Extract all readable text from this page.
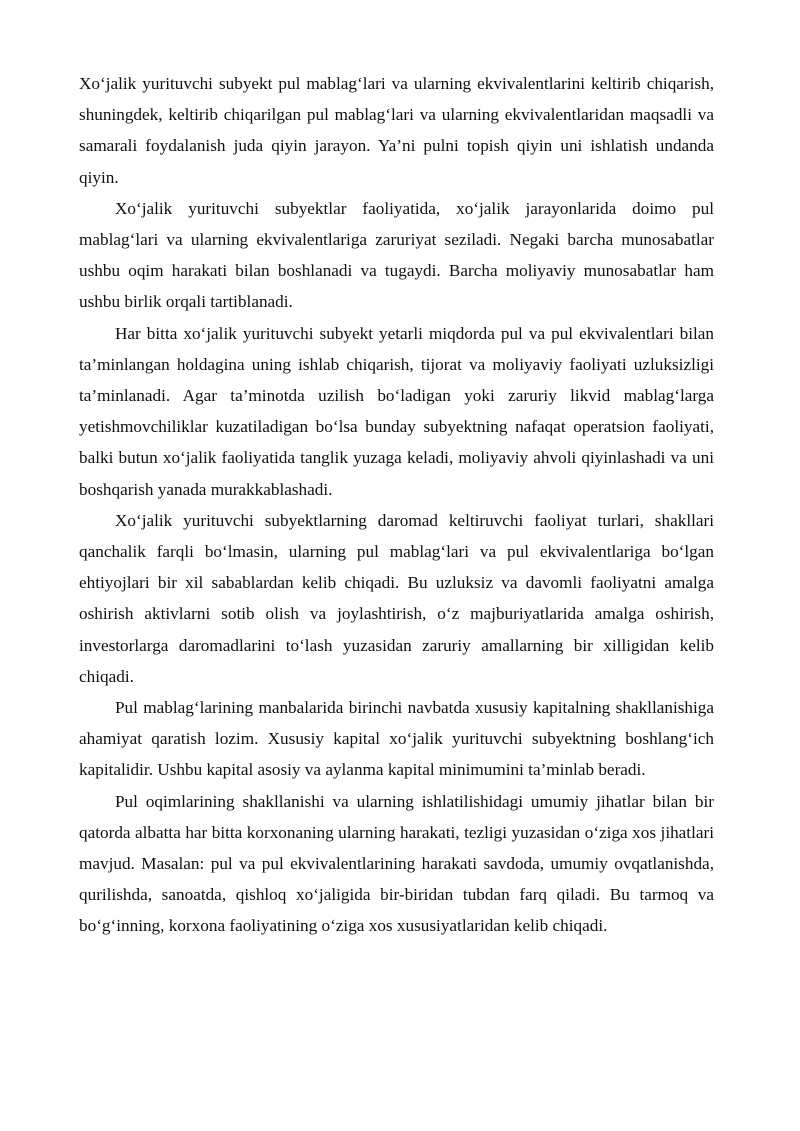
Xo‘jalik yurituvchi subyekt pul mablag‘lari va ularning ekvivalentlarini keltirib chiqarish, shuningdek, keltirib chiqarilgan pul mablag‘lari va ularning ekvivalentlaridan maqsadli va samarali foydalanish juda qiyin jarayon. Ya’ni pulni topish qiyin uni ishlatish undanda qiyin.

Xo‘jalik yurituvchi subyektlar faoliyatida, xo‘jalik jarayonlarida doimo pul mablag‘lari va ularning ekvivalentlariga zaruriyat seziladi. Negaki barcha munosabatlar ushbu oqim harakati bilan boshlanadi va tugaydi. Barcha moliyaviy munosabatlar ham ushbu birlik orqali tartiblanadi.

Har bitta xo‘jalik yurituvchi subyekt yetarli miqdorda pul va pul ekvivalentlari bilan ta’minlangan holdagina uning ishlab chiqarish, tijorat va moliyaviy faoliyati uzluksizligi ta’minlanadi. Agar ta’minotda uzilish bo‘ladigan yoki zaruriy likvid mablag‘larga yetishmovchiliklar kuzatiladigan bo‘lsa bunday subyektning nafaqat operatsion faoliyati, balki butun xo‘jalik faoliyatida tanglik yuzaga keladi, moliyaviy ahvoli qiyinlashadi va uni boshqarish yanada murakkablashadi.

Xo‘jalik yurituvchi subyektlarning daromad keltiruvchi faoliyat turlari, shakllari qanchalik farqli bo‘lmasin, ularning pul mablag‘lari va pul ekvivalentlariga bo‘lgan ehtiyojlari bir xil sabablardan kelib chiqadi. Bu uzluksiz va davomli faoliyatni amalga oshirish aktivlarni sotib olish va joylashtirish, o‘z majburiyatlarida amalga oshirish, investorlarga daromadlarini to‘lash yuzasidan zaruriy amallarning bir xilligidan kelib chiqadi.

Pul mablag‘larining manbalarida birinchi navbatda xususiy kapitalning shakllanishiga ahamiyat qaratish lozim. Xususiy kapital xo‘jalik yurituvchi subyektning boshlang‘ich kapitalidir. Ushbu kapital asosiy va aylanma kapital minimumini ta’minlab beradi.

Pul oqimlarining shakllanishi va ularning ishlatilishidagi umumiy jihatlar bilan bir qatorda albatta har bitta korxonaning ularning harakati, tezligi yuzasidan o‘ziga xos jihatlari mavjud. Masalan: pul va pul ekvivalentlarining harakati savdoda, umumiy ovqatlanishda, qurilishda, sanoatda, qishloq xo‘jaligida bir-biridan tubdan farq qiladi. Bu tarmoq va bo‘g‘inning, korxona faoliyatining o‘ziga xos xususiyatlaridan kelib chiqadi.
